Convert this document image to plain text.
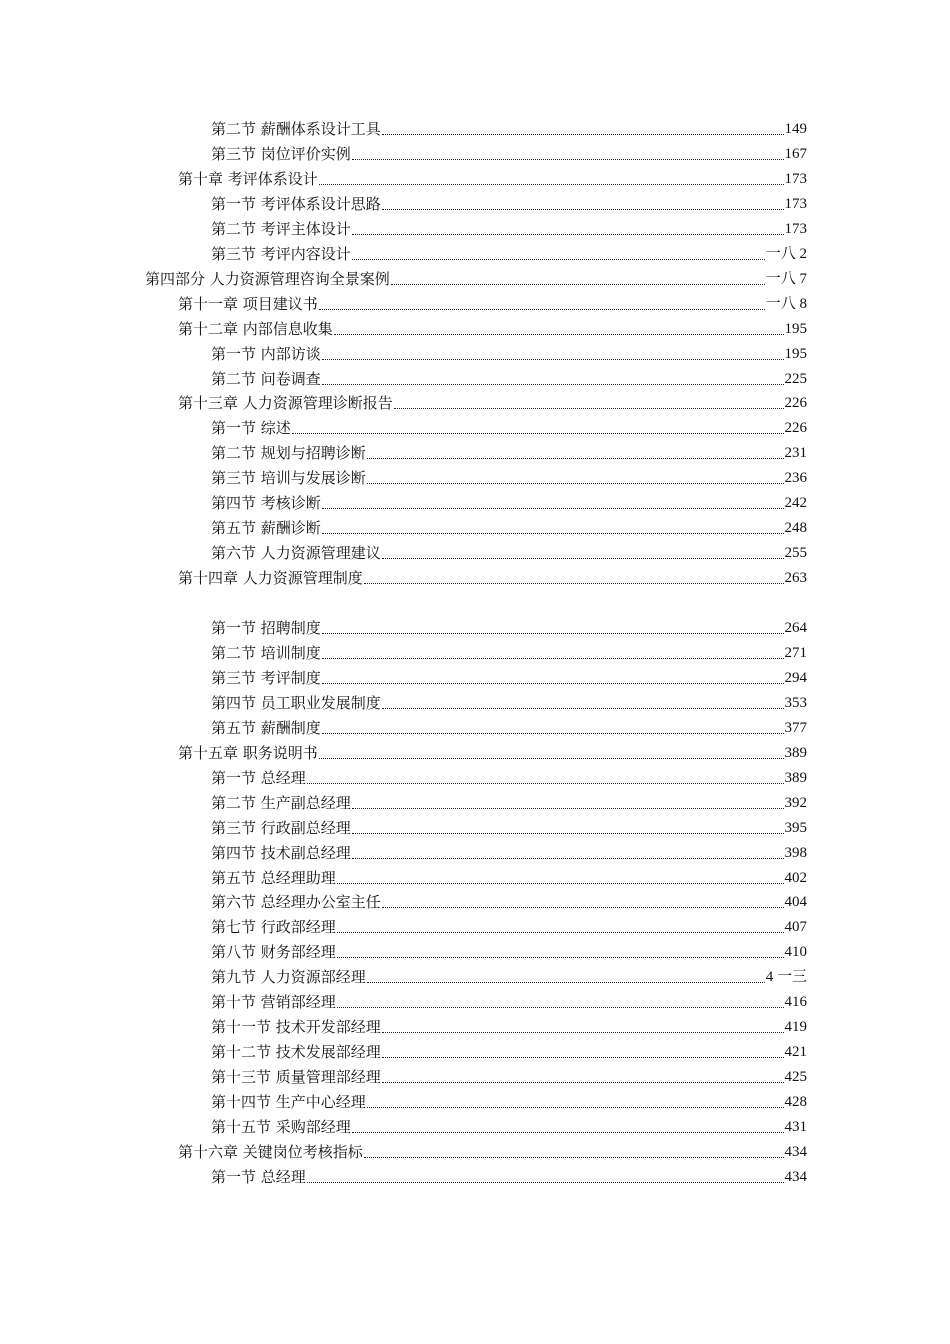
第二节 薪酬体系设计工具	149
第三节 岗位评价实例	167
第十章 考评体系设计	173
第一节 考评体系设计思路	173
第二节 考评主体设计	173
第三节 考评内容设计	一八 2
第四部分 人力资源管理咨询全景案例	一八 7
第十一章 项目建议书	一八 8
第十二章 内部信息收集	195
第一节 内部访谈	195
第二节 问卷调查	225
第十三章 人力资源管理诊断报告	226
第一节 综述	226
第二节 规划与招聘诊断	231
第三节 培训与发展诊断	236
第四节 考核诊断	242
第五节 薪酬诊断	248
第六节 人力资源管理建议	255
第十四章 人力资源管理制度	263
第一节 招聘制度	264
第二节 培训制度	271
第三节 考评制度	294
第四节 员工职业发展制度	353
第五节 薪酬制度	377
第十五章 职务说明书	389
第一节 总经理	389
第二节 生产副总经理	392
第三节 行政副总经理	395
第四节 技术副总经理	398
第五节 总经理助理	402
第六节 总经理办公室主任	404
第七节 行政部经理	407
第八节 财务部经理	410
第九节 人力资源部经理	4 一三
第十节 营销部经理	416
第十一节 技术开发部经理	419
第十二节 技术发展部经理	421
第十三节 质量管理部经理	425
第十四节 生产中心经理	428
第十五节 采购部经理	431
第十六章 关键岗位考核指标	434
第一节 总经理	434
